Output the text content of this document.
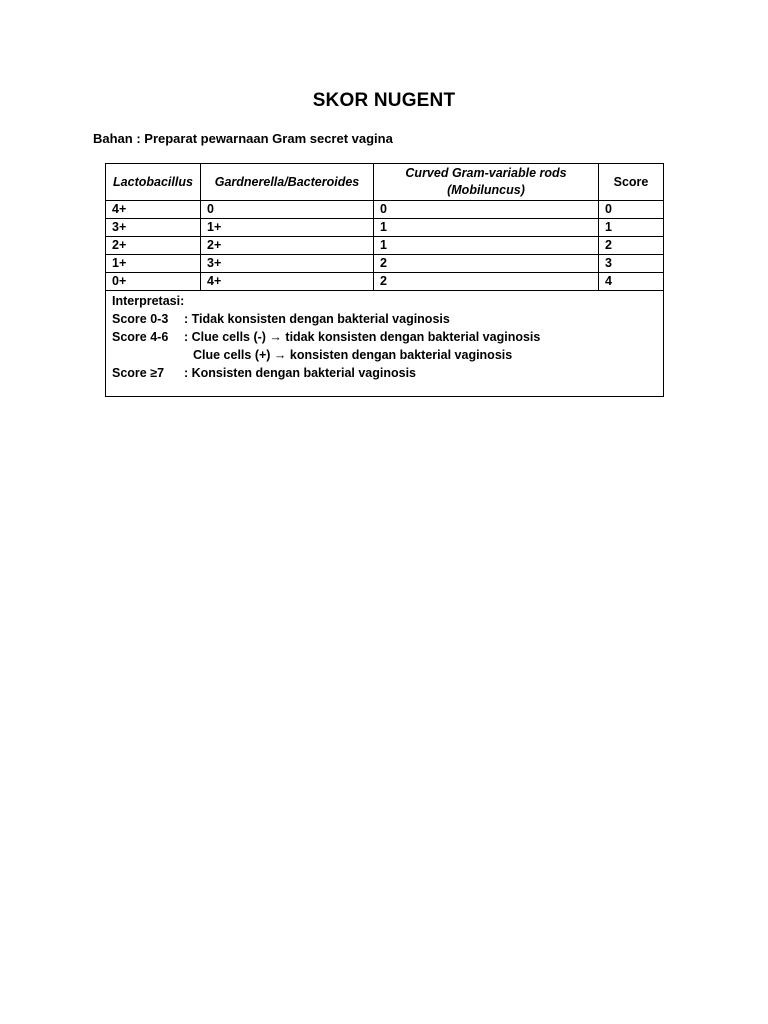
SKOR NUGENT
Bahan : Preparat pewarnaan Gram secret vagina
Lactobacillus	Gardnerella/Bacteroides	Curved Gram-variable rods (Mobiluncus)	Score
4+	0	0	0
3+	1+	1	1
2+	2+	1	2
1+	3+	2	3
0+	4+	2	4

Interpretasi:
Score 0-3 : Tidak konsisten dengan bakterial vaginosis
Score 4-6 : Clue cells (-) → tidak konsisten dengan bakterial vaginosis
Clue cells (+) → konsisten dengan bakterial vaginosis
Score ≥7 : Konsisten dengan bakterial vaginosis			
